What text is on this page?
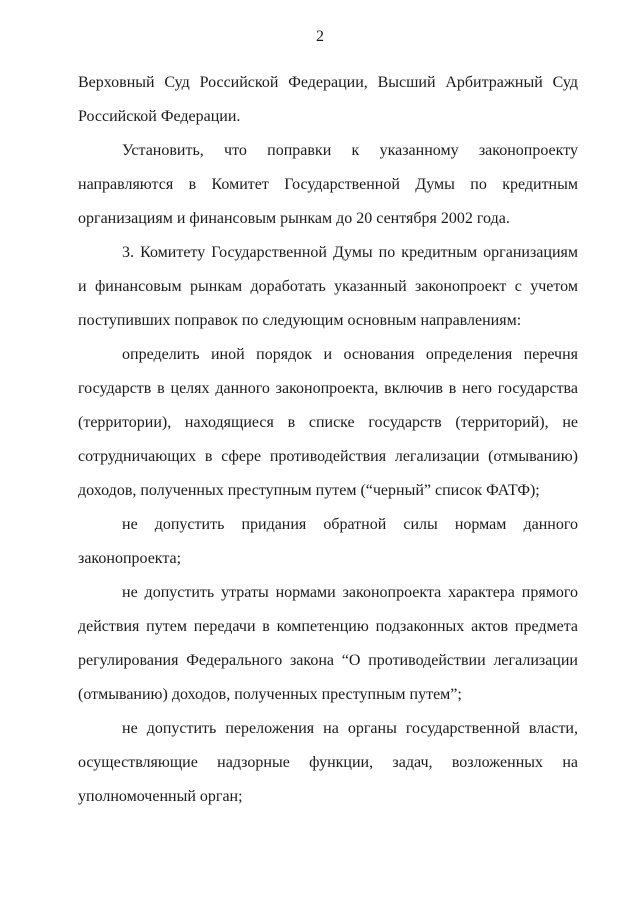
2
Верховный Суд Российской Федерации, Высший Арбитражный Суд
Российской Федерации.
Установить, что поправки к указанному законопроекту
направляются в Комитет Государственной Думы по кредитным
организациям и финансовым рынкам до 20 сентября 2002 года.
3. Комитету Государственной Думы по кредитным организациям
и финансовым рынкам доработать указанный законопроект с учетом
поступивших поправок по следующим основным направлениям:
определить иной порядок и основания определения перечня
государств в целях данного законопроекта, включив в него государства
(территории), находящиеся в списке государств (территорий), не
сотрудничающих в сфере противодействия легализации (отмыванию)
доходов, полученных преступным путем (“черный” список ФАТФ);
не допустить придания обратной силы нормам данного
законопроекта;
не допустить утраты нормами законопроекта характера прямого
действия путем передачи в компетенцию подзаконных актов предмета
регулирования Федерального закона “О противодействии легализации
(отмыванию) доходов, полученных преступным путем”;
не допустить переложения на органы государственной власти,
осуществляющие надзорные функции, задач, возложенных на
уполномоченный орган;
